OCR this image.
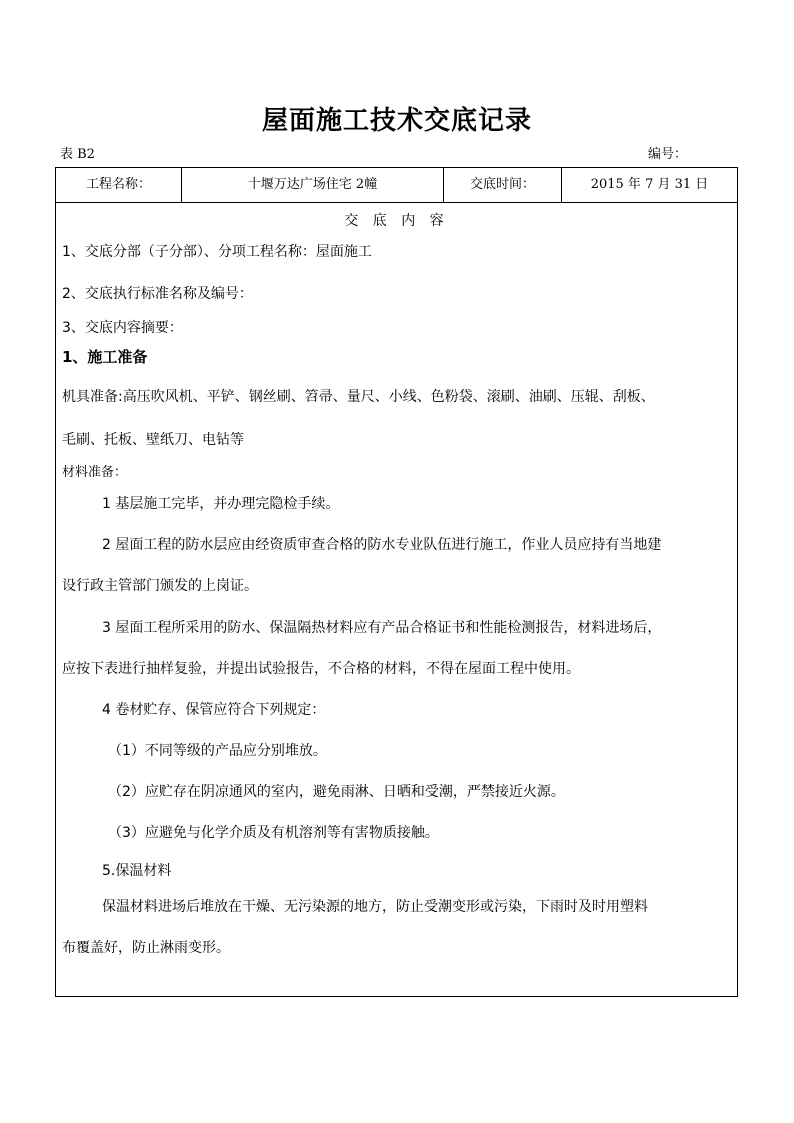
屋面施工技术交底记录
表 B2	编号：
工程名称：	十堰万达广场住宅 2幢	交底时间：	2015 年 7 月 31 日
交 底 内 容
1、交底分部（子分部）、分项工程名称：屋面施工
2、交底执行标准名称及编号：
3、交底内容摘要：
1、施工准备
机具准备:高压吹风机、平铲、钢丝刷、笤帚、量尺、小线、色粉袋、滚刷、油刷、压辊、刮板、
毛刷、托板、壁纸刀、电钻等
材料准备：
1 基层施工完毕，并办理完隐检手续。
2 屋面工程的防水层应由经资质审查合格的防水专业队伍进行施工，作业人员应持有当地建
设行政主管部门颁发的上岗证。
3 屋面工程所采用的防水、保温隔热材料应有产品合格证书和性能检测报告，材料进场后，
应按下表进行抽样复验，并提出试验报告，不合格的材料，不得在屋面工程中使用。
4 卷材贮存、保管应符合下列规定：
（1）不同等级的产品应分别堆放。
（2）应贮存在阴凉通风的室内，避免雨淋、日晒和受潮，严禁接近火源。
（3）应避免与化学介质及有机溶剂等有害物质接触。
5.保温材料
保温材料进场后堆放在干燥、无污染源的地方，防止受潮变形或污染，下雨时及时用塑料
布覆盖好，防止淋雨变形。
